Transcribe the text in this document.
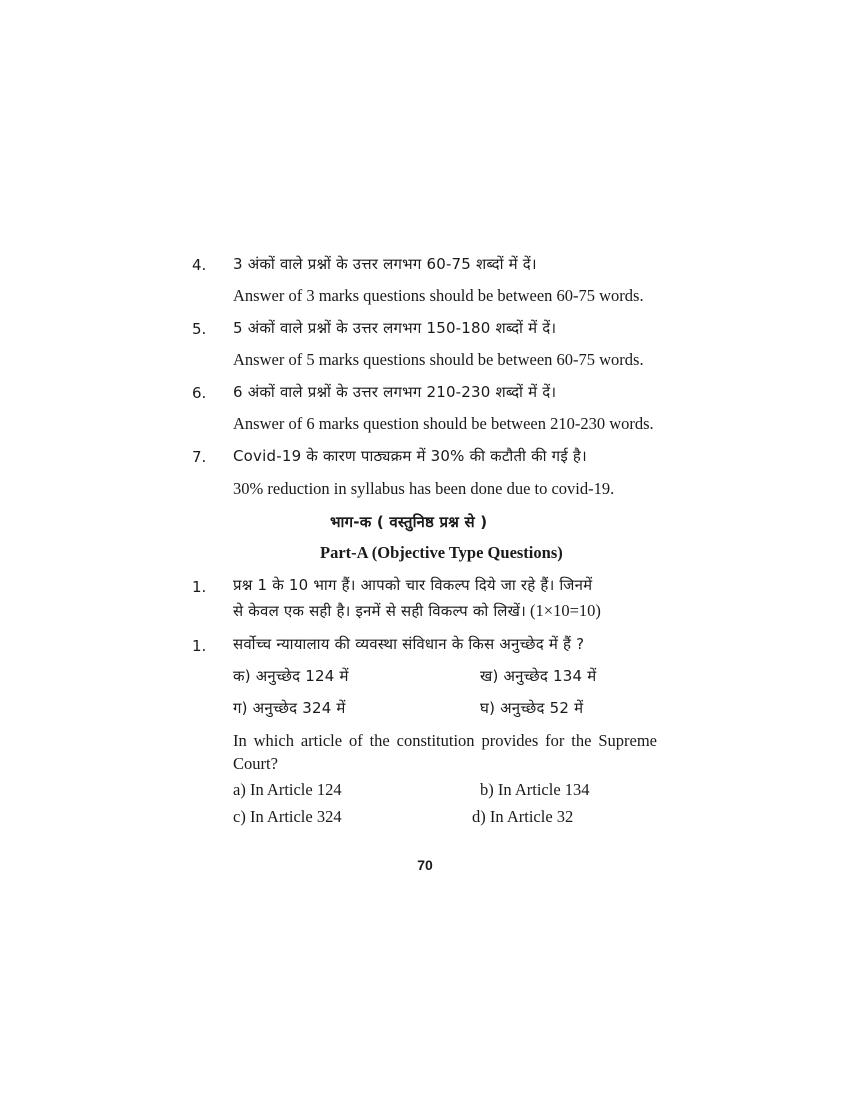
4. 3 अंकों वाले प्रश्नों के उत्तर लगभग 60-75 शब्दों में दें।
Answer of 3 marks questions should be between 60-75 words.
5. 5 अंकों वाले प्रश्नों के उत्तर लगभग 150-180 शब्दों में दें।
Answer of 5 marks questions should be between 60-75 words.
6. 6 अंकों वाले प्रश्नों के उत्तर लगभग 210-230 शब्दों में दें।
Answer of 6 marks question should be between 210-230 words.
7. Covid-19 के कारण पाठ्यक्रम में 30% की कटौती की गई है।
30% reduction in syllabus has been done due to covid-19.
भाग-क ( वस्तुनिष्ठ प्रश्न से )
Part-A (Objective Type Questions)
1. प्रश्न 1 के 10 भाग हैं। आपको चार विकल्प दिये जा रहे हैं। जिनमें
से केवल एक सही है। इनमें से सही विकल्प को लिखें। (1×10=10)
1. सर्वोच्च न्यायालाय की व्यवस्था संविधान के किस अनुच्छेद में हैं ?
क) अनुच्छेद 124 में	ख) अनुच्छेद 134 में
ग) अनुच्छेद 324 में	घ) अनुच्छेद 52 में
In which article of the constitution provides for the Supreme Court?
a) In Article 124	b) In Article 134
c) In Article 324	d) In Article 32
70
